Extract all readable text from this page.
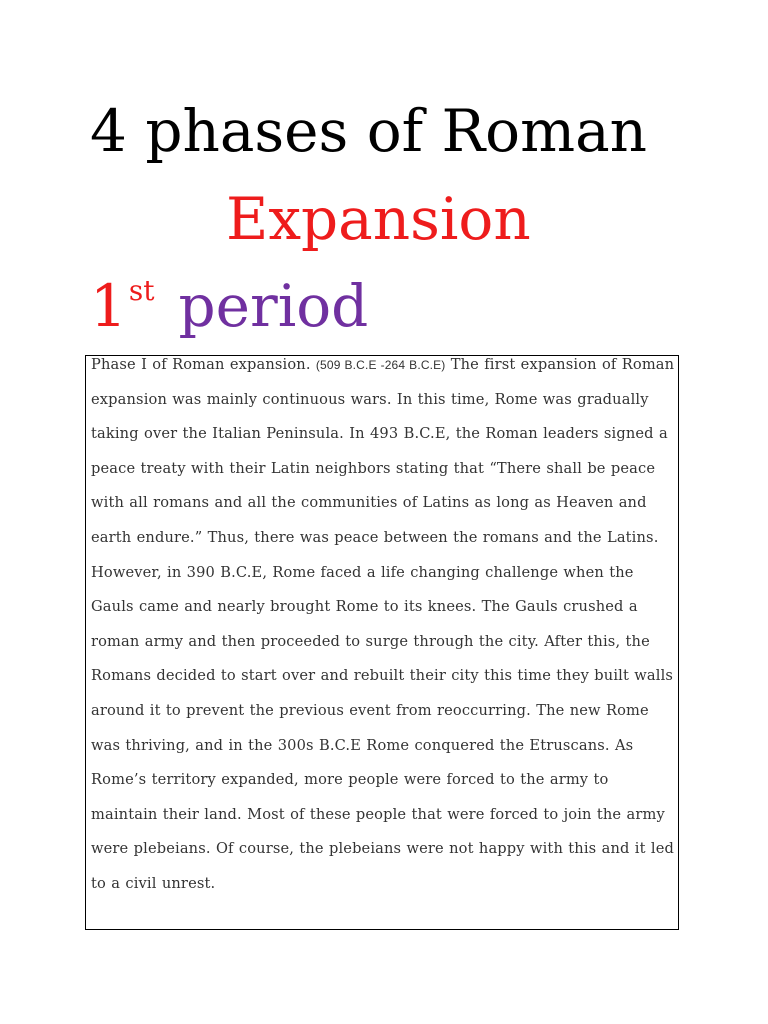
4 phases of Roman
Expansion
1st period

Phase I of Roman expansion. (509 B.C.E -264 B.C.E) The first expansion of Roman expansion was mainly continuous wars. In this time, Rome was gradually taking over the Italian Peninsula. In 493 B.C.E, the Roman leaders signed a peace treaty with their Latin neighbors stating that “There shall be peace with all romans and all the communities of Latins as long as Heaven and earth endure.” Thus, there was peace between the romans and the Latins. However, in 390 B.C.E, Rome faced a life changing challenge when the Gauls came and nearly brought Rome to its knees. The Gauls crushed a roman army and then proceeded to surge through the city. After this, the Romans decided to start over and rebuilt their city this time they built walls around it to prevent the previous event from reoccurring. The new Rome was thriving, and in the 300s B.C.E Rome conquered the Etruscans. As Rome’s territory expanded, more people were forced to the army to maintain their land. Most of these people that were forced to join the army were plebeians. Of course, the plebeians were not happy with this and it led to a civil unrest.
